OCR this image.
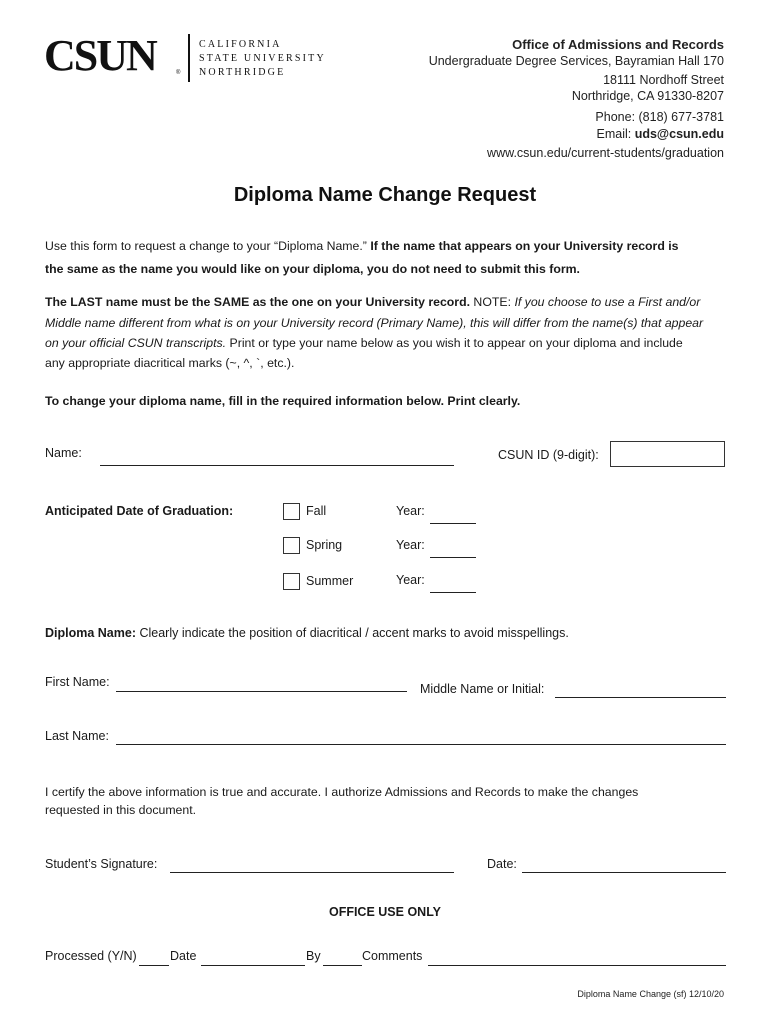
CSUN	®
CALIFORNIA
STATE UNIVERSITY
NORTHRIDGE
Office of Admissions and Records
Undergraduate Degree Services, Bayramian Hall 170
18111 Nordhoff Street
Northridge, CA 91330-8207
Phone: (818) 677-3781
Email: uds@csun.edu
www.csun.edu/current-students/graduation
Diploma Name Change Request
Use this form to request a change to your “Diploma Name.” If the name that appears on your University record is
the same as the name you would like on your diploma, you do not need to submit this form.
The LAST name must be the SAME as the one on your University record. NOTE: If you choose to use a First and/or
Middle name different from what is on your University record (Primary Name), this will differ from the name(s) that appear
on your official CSUN transcripts. Print or type your name below as you wish it to appear on your diploma and include
any appropriate diacritical marks (~, ^, `, etc.).
To change your diploma name, fill in the required information below. Print clearly.
Name:	CSUN ID (9-digit):
Anticipated Date of Graduation:	Fall	Year:
Spring	Year:
Summer	Year:
Diploma Name: Clearly indicate the position of diacritical / accent marks to avoid misspellings.
First Name:	Middle Name or Initial:
Last Name:
I certify the above information is true and accurate. I authorize Admissions and Records to make the changes
requested in this document.
Student’s Signature:	Date:
OFFICE USE ONLY
Processed (Y/N)	Date	By	Comments
Diploma Name Change (sf) 12/10/20
